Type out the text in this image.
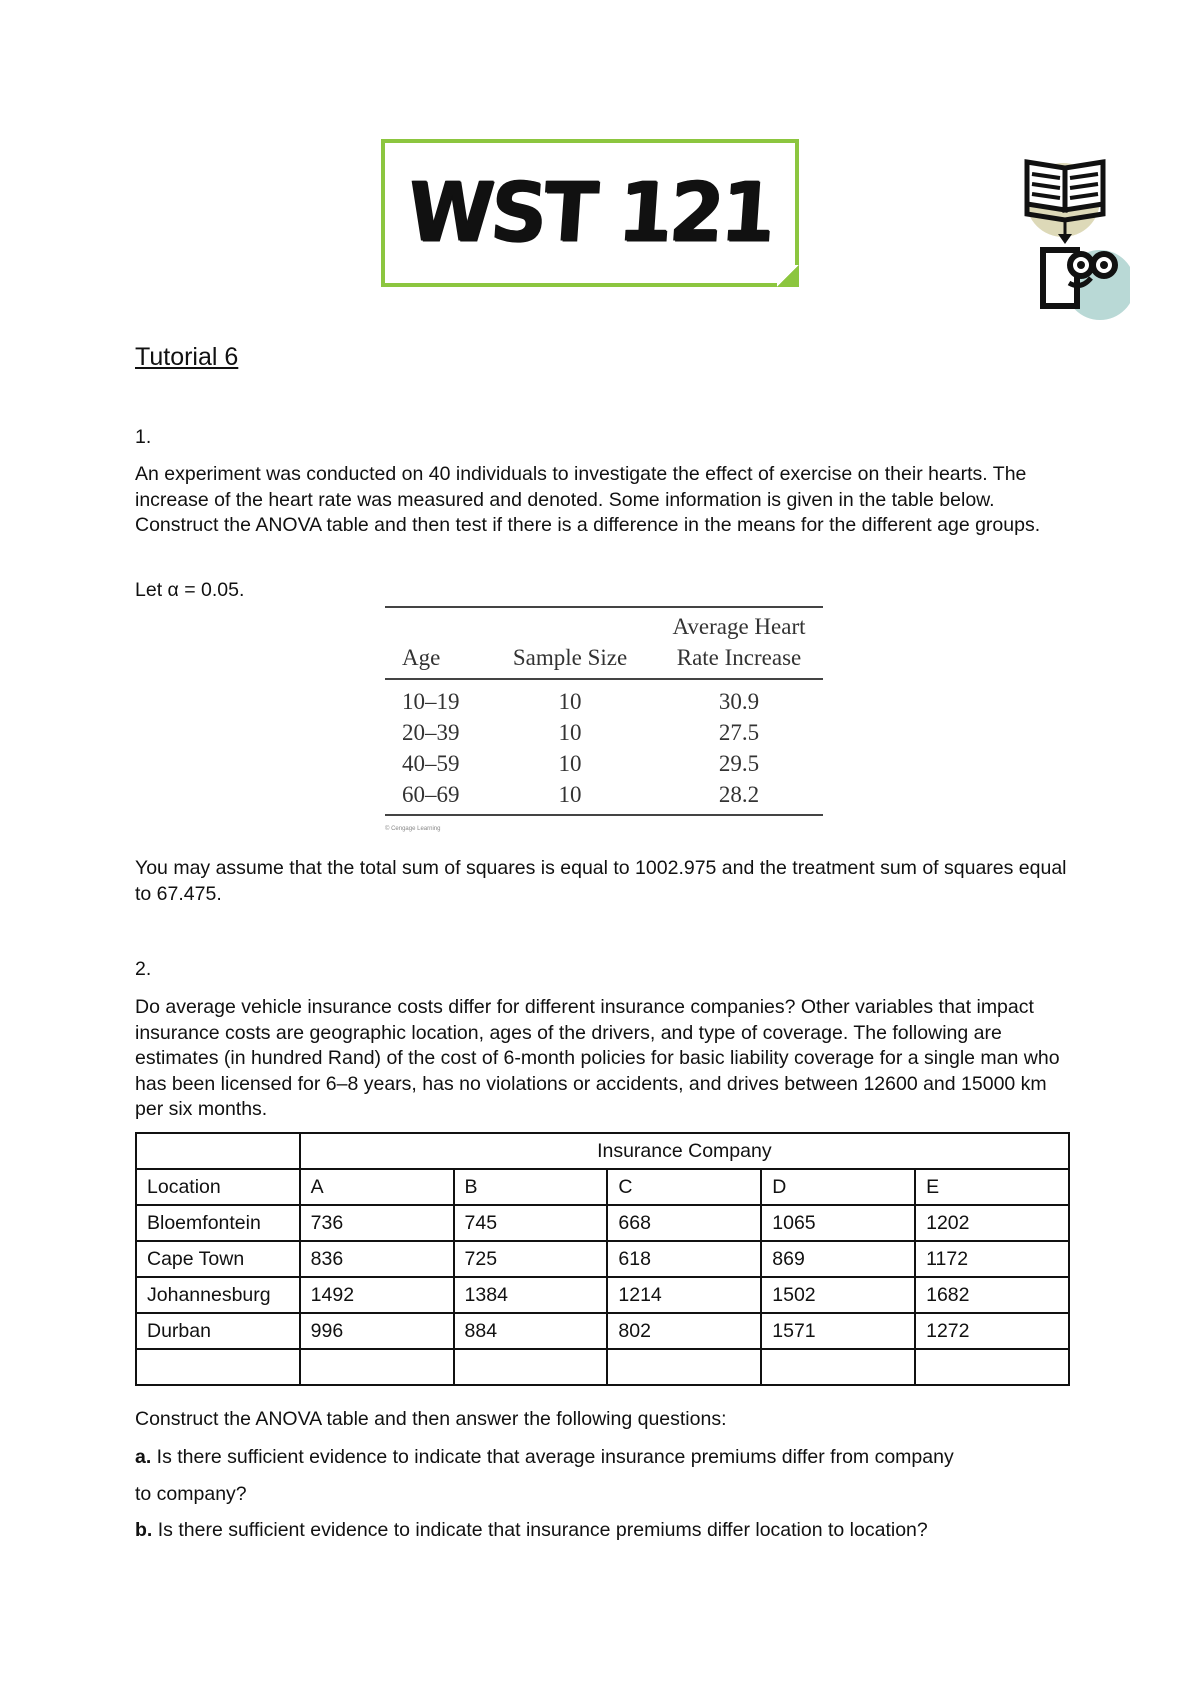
WST 121
Tutorial 6
1.
An experiment was conducted on 40 individuals to investigate the effect of exercise on their hearts. The increase of the heart rate was measured and denoted. Some information is given in the table below. Construct the ANOVA table and then test if there is a difference in the means for the different age groups.
Let α = 0.05.
Average Heart
Age	Sample Size	Rate Increase
10–19	10	30.9
20–39	10	27.5
40–59	10	29.5
60–69	10	28.2
© Cengage Learning
You may assume that the total sum of squares is equal to 1002.975 and the treatment sum of squares equal to 67.475.
2.
Do average vehicle insurance costs differ for different insurance companies? Other variables that impact insurance costs are geographic location, ages of the drivers, and type of coverage. The following are estimates (in hundred Rand) of the cost of 6-month policies for basic liability coverage for a single man who has been licensed for 6–8 years, has no violations or accidents, and drives between 12600 and 15000 km per six months.
	Insurance Company				
Location	A	B	C	D	E
Bloemfontein	736	745	668	1065	1202
Cape Town	836	725	618	869	1172
Johannesburg	1492	1384	1214	1502	1682
Durban	996	884	802	1571	1272

Construct the ANOVA table and then answer the following questions:
a. Is there sufficient evidence to indicate that average insurance premiums differ from company
to company?
b. Is there sufficient evidence to indicate that insurance premiums differ location to location?
